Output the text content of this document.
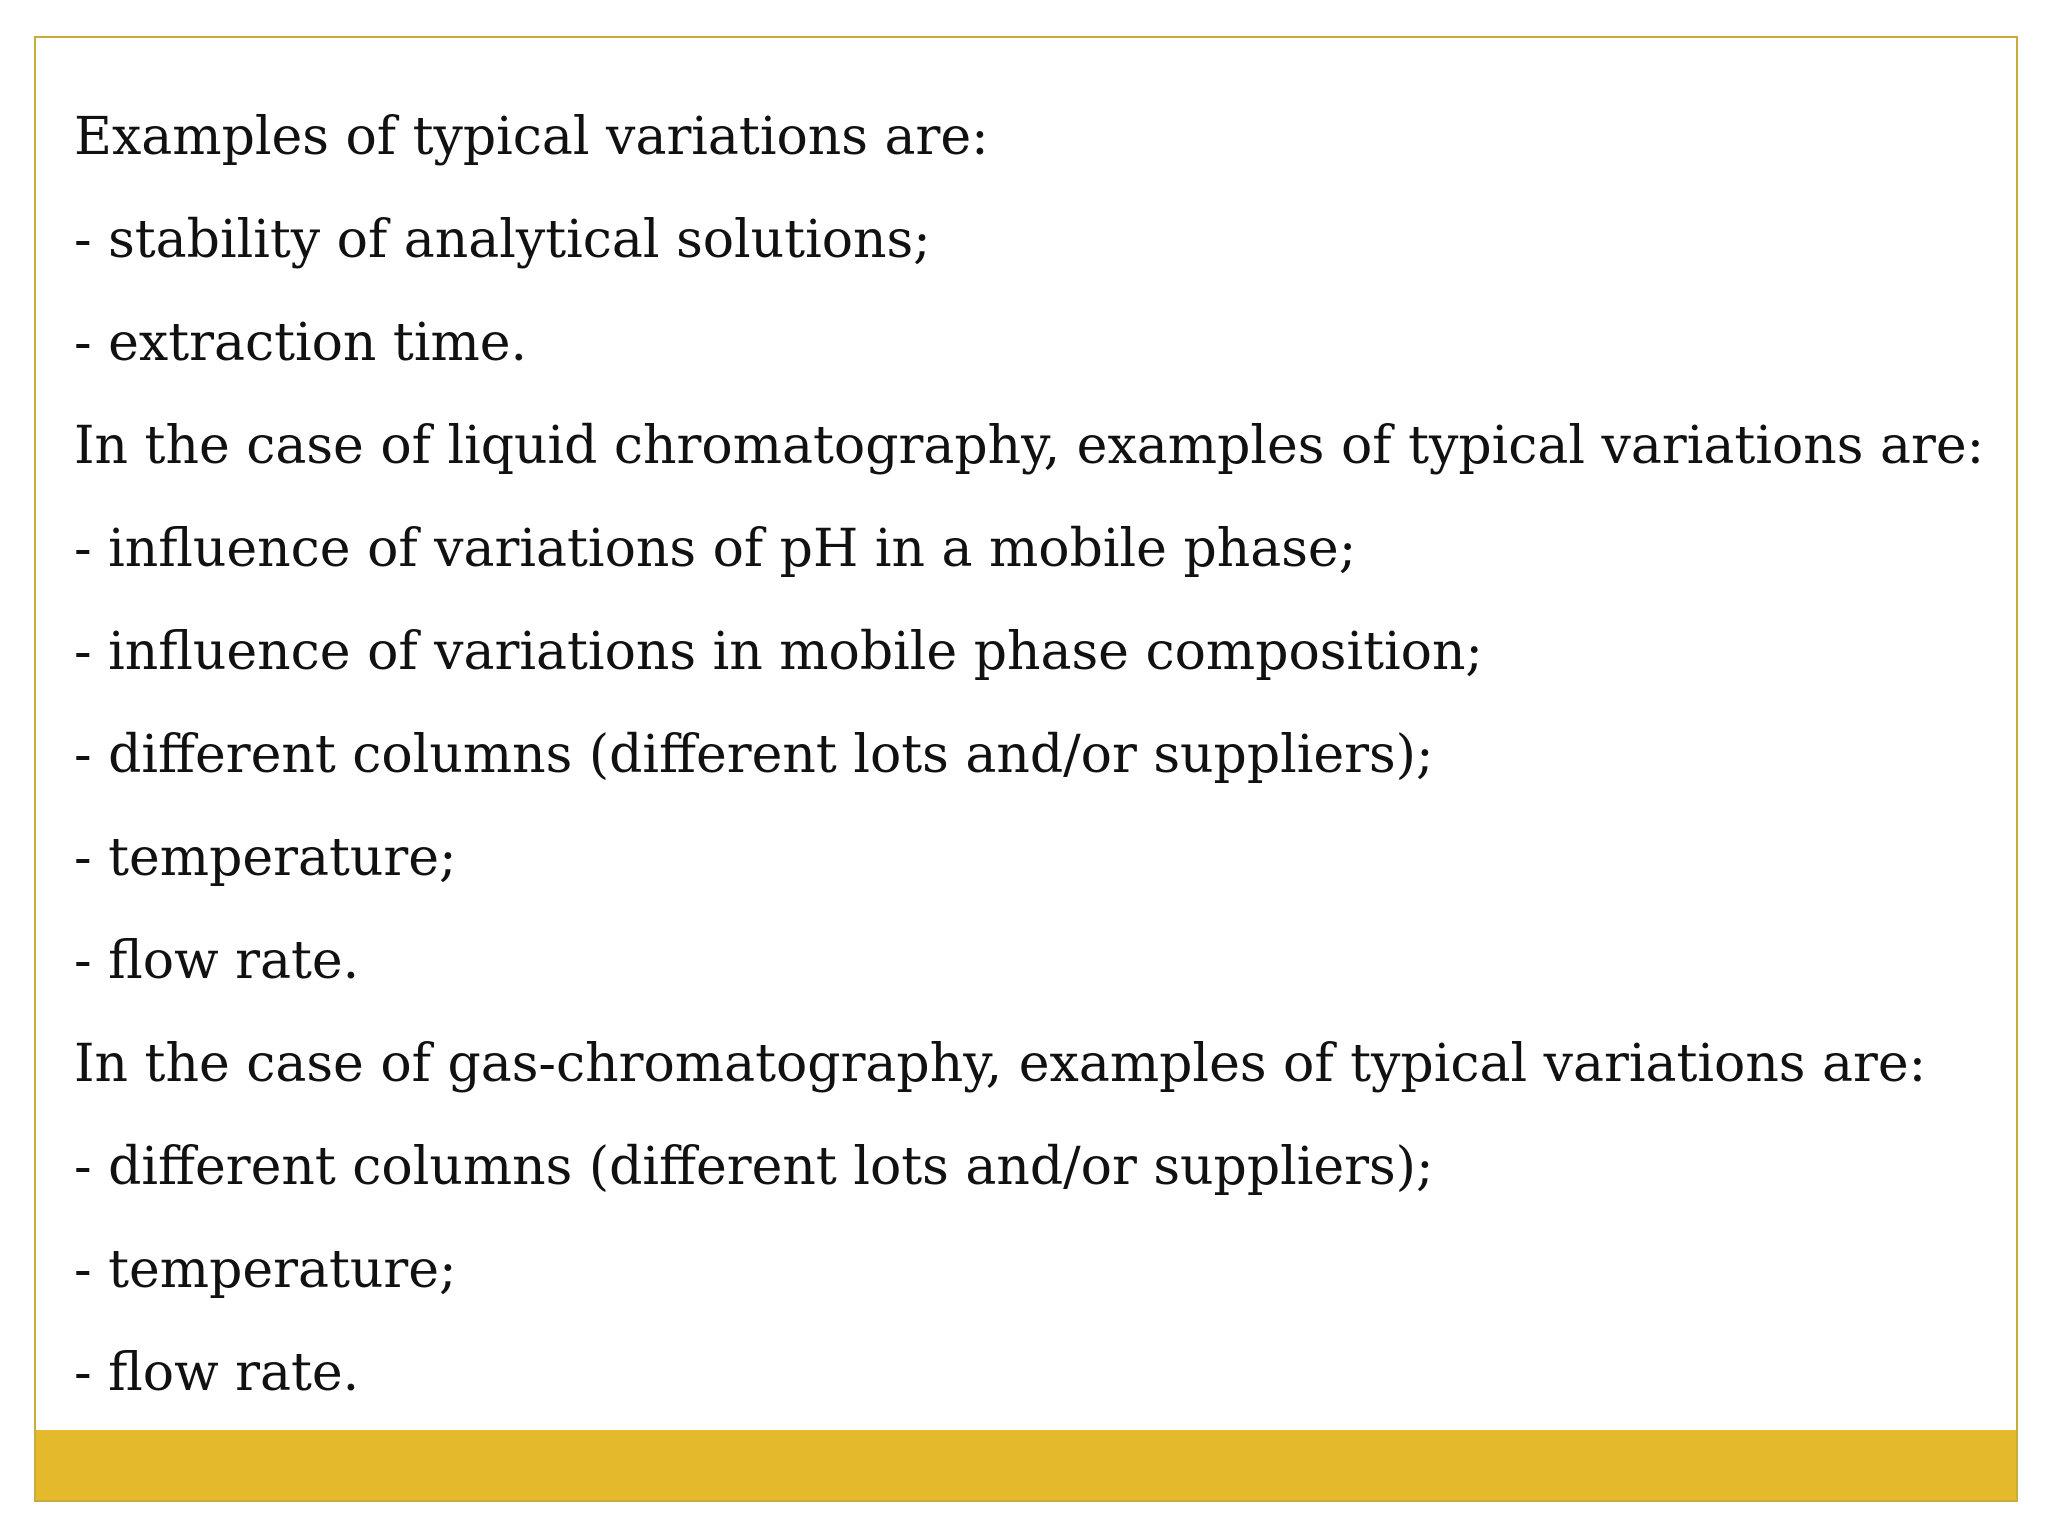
Examples of typical variations are:
- stability of analytical solutions;
- extraction time.
In the case of liquid chromatography, examples of typical variations are:
- influence of variations of pH in a mobile phase;
- influence of variations in mobile phase composition;
- different columns (different lots and/or suppliers);
- temperature;
- flow rate.
In the case of gas-chromatography, examples of typical variations are:
- different columns (different lots and/or suppliers);
- temperature;
- flow rate.
